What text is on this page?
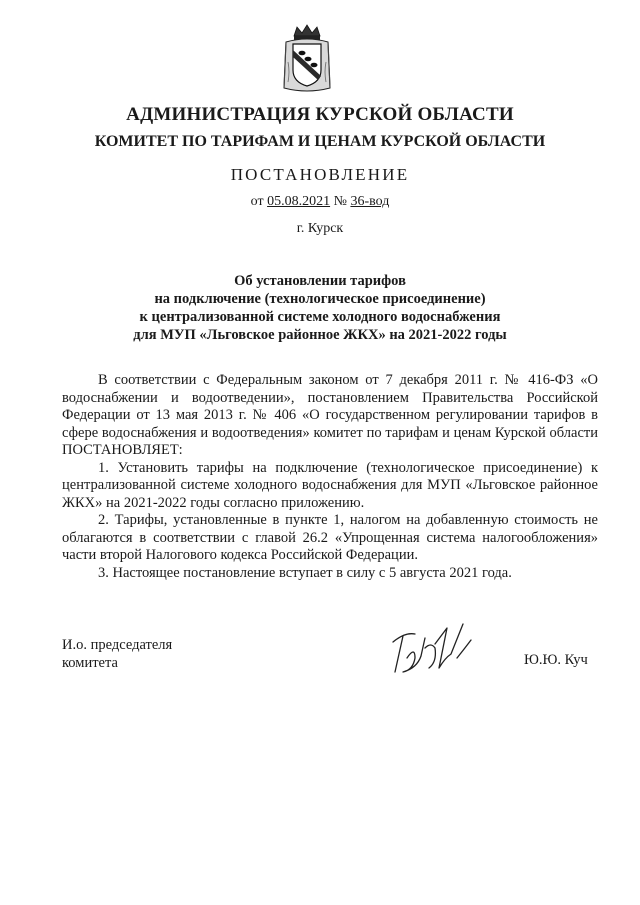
АДМИНИСТРАЦИЯ КУРСКОЙ ОБЛАСТИ
КОМИТЕТ ПО ТАРИФАМ И ЦЕНАМ КУРСКОЙ ОБЛАСТИ
ПОСТАНОВЛЕНИЕ
от 05.08.2021 № 36-вод
г. Курск
Об установлении тарифов
на подключение (технологическое присоединение)
к централизованной системе холодного водоснабжения
для МУП «Льговское районное ЖКХ» на 2021-2022 годы

В соответствии с Федеральным законом от 7 декабря 2011 г. № 416-ФЗ «О водоснабжении и водоотведении», постановлением Правительства Российской Федерации от 13 мая 2013 г. № 406 «О государственном регулировании тарифов в сфере водоснабжения и водоотведения» комитет по тарифам и ценам Курской области ПОСТАНОВЛЯЕТ:

1. Установить тарифы на подключение (технологическое присоединение) к централизованной системе холодного водоснабжения для МУП «Льговское районное ЖКХ» на 2021-2022 годы согласно приложению.

2. Тарифы, установленные в пункте 1, налогом на добавленную стоимость не облагаются в соответствии с главой 26.2 «Упрощенная система налогообложения» части второй Налогового кодекса Российской Федерации.

3. Настоящее постановление вступает в силу с 5 августа 2021 года.

И.о. председателя
комитета	Ю.Ю. Куч
